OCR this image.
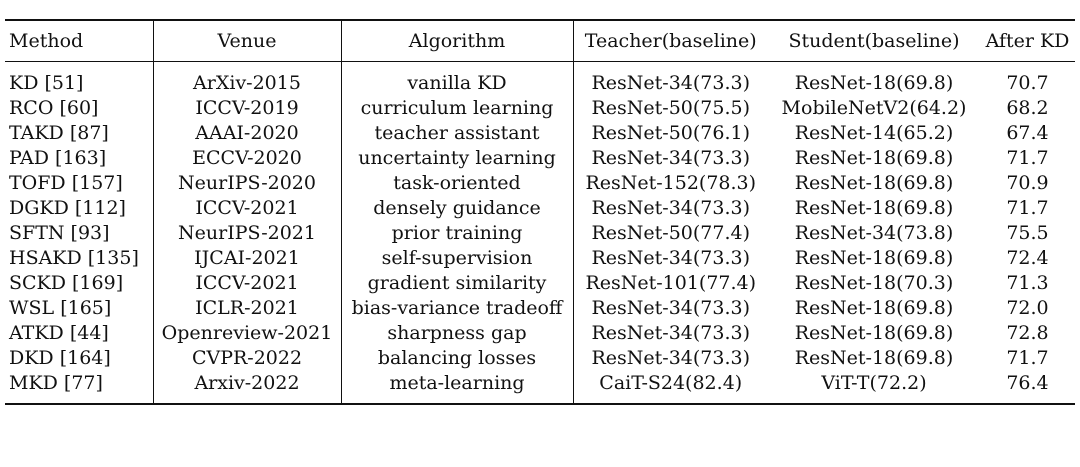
Method	Venue	Algorithm	Teacher(baseline)	Student(baseline)	After KD
KD [51]	ArXiv-2015	vanilla KD	ResNet-34(73.3)	ResNet-18(69.8)	70.7
RCO [60]	ICCV-2019	curriculum learning	ResNet-50(75.5)	MobileNetV2(64.2)	68.2
TAKD [87]	AAAI-2020	teacher assistant	ResNet-50(76.1)	ResNet-14(65.2)	67.4
PAD [163]	ECCV-2020	uncertainty learning	ResNet-34(73.3)	ResNet-18(69.8)	71.7
TOFD [157]	NeurIPS-2020	task-oriented	ResNet-152(78.3)	ResNet-18(69.8)	70.9
DGKD [112]	ICCV-2021	densely guidance	ResNet-34(73.3)	ResNet-18(69.8)	71.7
SFTN [93]	NeurIPS-2021	prior training	ResNet-50(77.4)	ResNet-34(73.8)	75.5
HSAKD [135]	IJCAI-2021	self-supervision	ResNet-34(73.3)	ResNet-18(69.8)	72.4
SCKD [169]	ICCV-2021	gradient similarity	ResNet-101(77.4)	ResNet-18(70.3)	71.3
WSL [165]	ICLR-2021	bias-variance tradeoff	ResNet-34(73.3)	ResNet-18(69.8)	72.0
ATKD [44]	Openreview-2021	sharpness gap	ResNet-34(73.3)	ResNet-18(69.8)	72.8
DKD [164]	CVPR-2022	balancing losses	ResNet-34(73.3)	ResNet-18(69.8)	71.7
MKD [77]	Arxiv-2022	meta-learning	CaiT-S24(82.4)	ViT-T(72.2)	76.4
